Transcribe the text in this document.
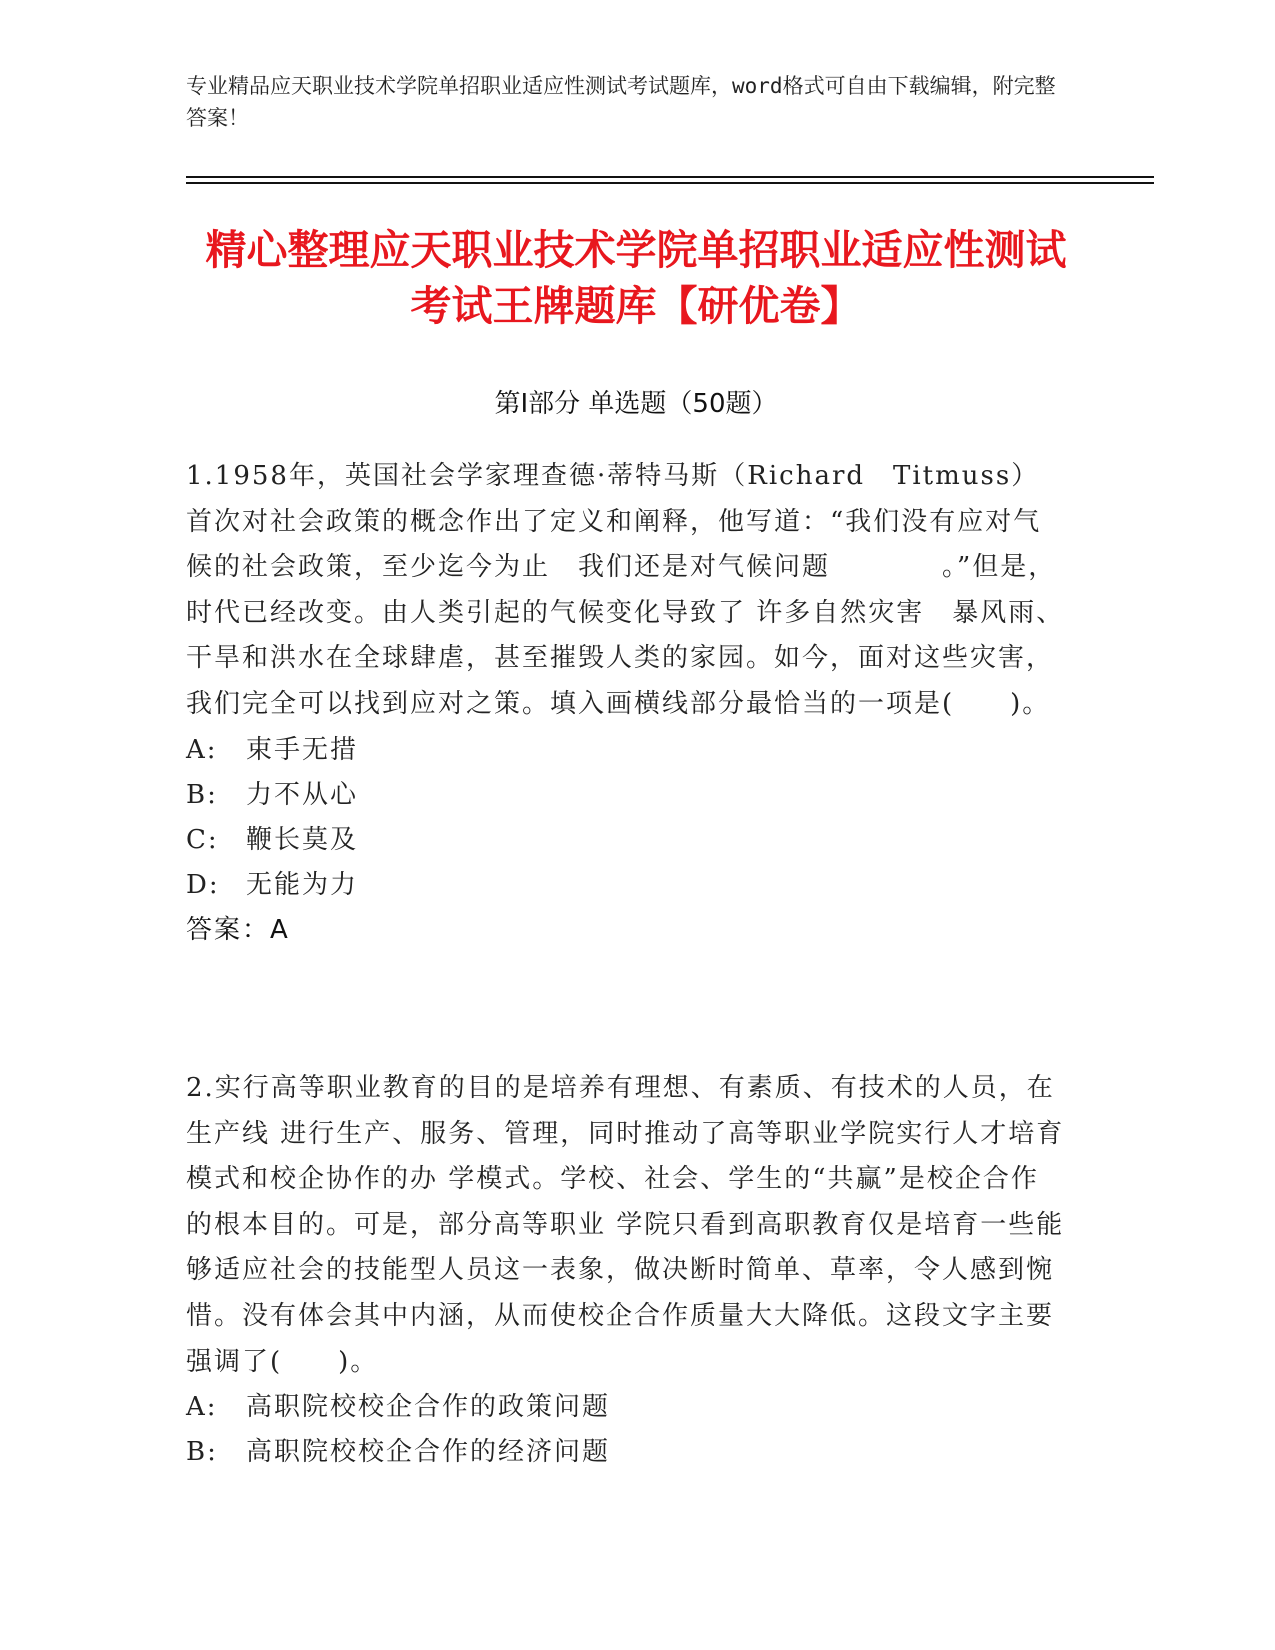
专业精品应天职业技术学院单招职业适应性测试考试题库，word格式可自由下载编辑，附完整答案！
精心整理应天职业技术学院单招职业适应性测试考试王牌题库【研优卷】
第Ⅰ部分 单选题（50题）

1.1958年，英国社会学家理查德·蒂特马斯（Richard　Titmuss）首次对社会政策的概念作出了定义和阐释，他写道：“我们没有应对气候的社会政策，至少迄今为止　我们还是对气候问题　　　　。”但是，时代已经改变。由人类引起的气候变化导致了 许多自然灾害　暴风雨、干旱和洪水在全球肆虐，甚至摧毁人类的家园。如今，面对这些灾害，我们完全可以找到应对之策。填入画横线部分最恰当的一项是(　　)。

A:	束手无措
B:	力不从心
C:	鞭长莫及
D:	无能为力
答案：A

2.实行高等职业教育的目的是培养有理想、有素质、有技术的人员，在生产线 进行生产、服务、管理，同时推动了高等职业学院实行人才培育模式和校企协作的办 学模式。学校、社会、学生的“共赢”是校企合作的根本目的。可是，部分高等职业 学院只看到高职教育仅是培育一些能够适应社会的技能型人员这一表象，做决断时简单、草率，令人感到惋惜。没有体会其中内涵，从而使校企合作质量大大降低。这段文字主要强调了(　　)。

A:	高职院校校企合作的政策问题
B:	高职院校校企合作的经济问题
